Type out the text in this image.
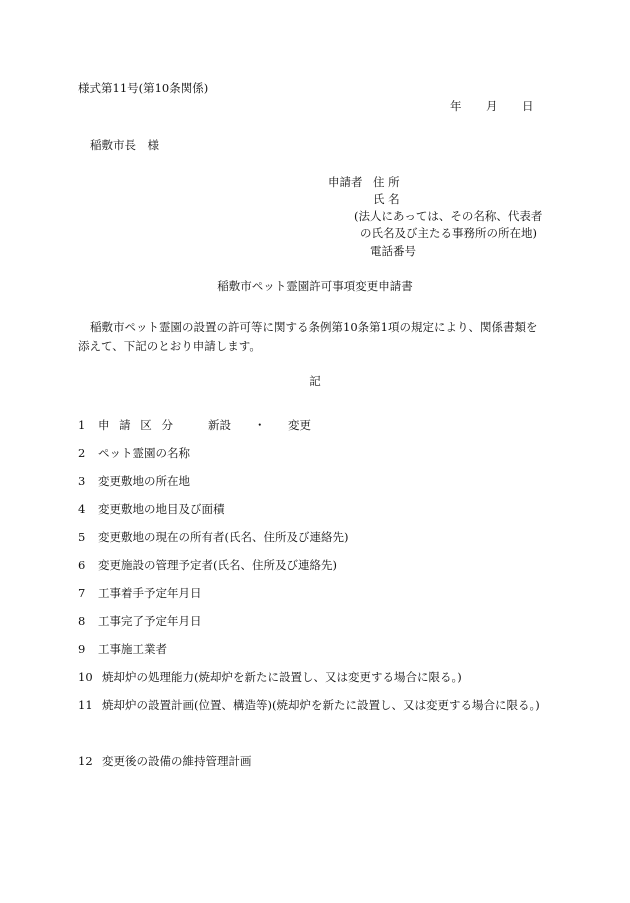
様式第11号(第10条関係)
年 月 日
稲敷市長　様
申請者 住 所
氏 名
(法人にあっては、その名称、代表者
の氏名及び主たる事務所の所在地)
電話番号
稲敷市ペット霊園許可事項変更申請書
稲敷市ペット霊園の設置の許可等に関する条例第10条第1項の規定により、関係書類を添えて、下記のとおり申請します。
記
1	申 請 区 分	新設 ・ 変更
2	ペット霊園の名称
3	変更敷地の所在地
4	変更敷地の地目及び面積
5	変更敷地の現在の所有者(氏名、住所及び連絡先)
6	変更施設の管理予定者(氏名、住所及び連絡先)
7	工事着手予定年月日
8	工事完了予定年月日
9	工事施工業者
10 焼却炉の処理能力(焼却炉を新たに設置し、又は変更する場合に限る。)
11 焼却炉の設置計画(位置、構造等)(焼却炉を新たに設置し、又は変更する場合に限る。)
12 変更後の設備の維持管理計画
